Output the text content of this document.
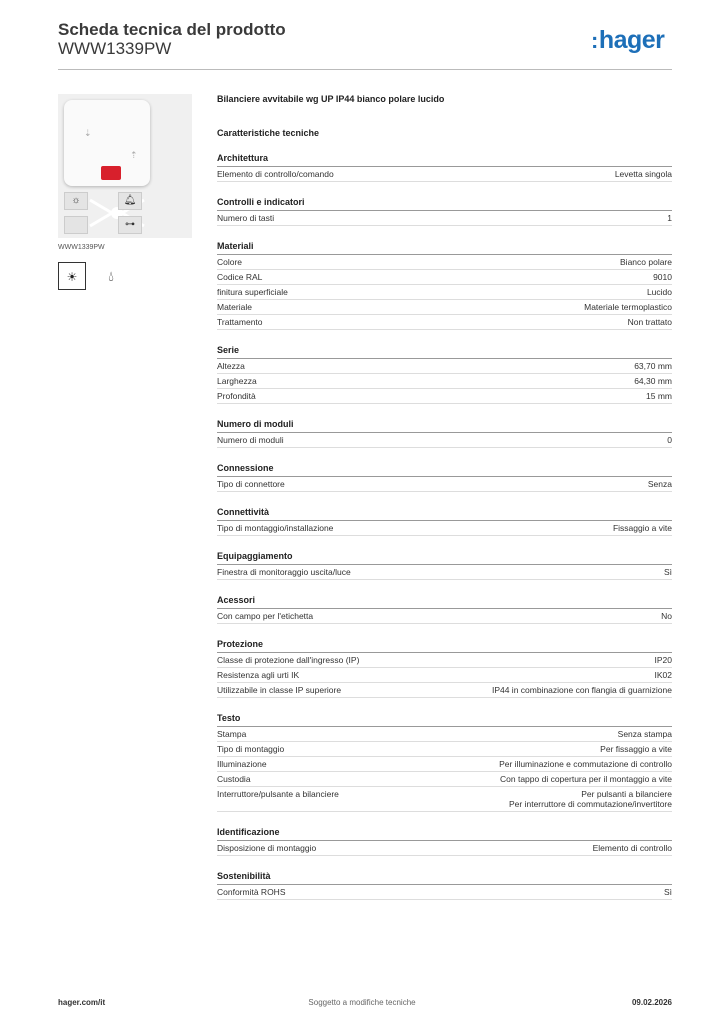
Scheda tecnica del prodotto
WWW1339PW	:hager
⇣
⇡
☼	🔔︎
⊶
WWW1339PW
☀	💧︎
Bilanciere avvitabile wg UP IP44 bianco polare lucido
Caratteristiche tecniche
Architettura
Elemento di controllo/comando	Levetta singola
Controlli e indicatori
Numero di tasti	1
Materiali
Colore	Bianco polare
Codice RAL	9010
finitura superficiale	Lucido
Materiale	Materiale termoplastico
Trattamento	Non trattato
Serie
Altezza	63,70 mm
Larghezza	64,30 mm
Profondità	15 mm
Numero di moduli
Numero di moduli	0
Connessione
Tipo di connettore	Senza
Connettività
Tipo di montaggio/installazione	Fissaggio a vite
Equipaggiamento
Finestra di monitoraggio uscita/luce	Sì
Acessori
Con campo per l'etichetta	No
Protezione
Classe di protezione dall'ingresso (IP)	IP20
Resistenza agli urti IK	IK02
Utilizzabile in classe IP superiore	IP44 in combinazione con flangia di guarnizione
Testo
Stampa	Senza stampa
Tipo di montaggio	Per fissaggio a vite
Illuminazione	Per illuminazione e commutazione di controllo
Custodia	Con tappo di copertura per il montaggio a vite
Interruttore/pulsante a bilanciere	Per pulsanti a bilanciere
Per interruttore di commutazione/invertitore
Identificazione
Disposizione di montaggio	Elemento di controllo
Sostenibilità
Conformità ROHS	Sì
hager.com/it	Soggetto a modifiche tecniche	09.02.2026
